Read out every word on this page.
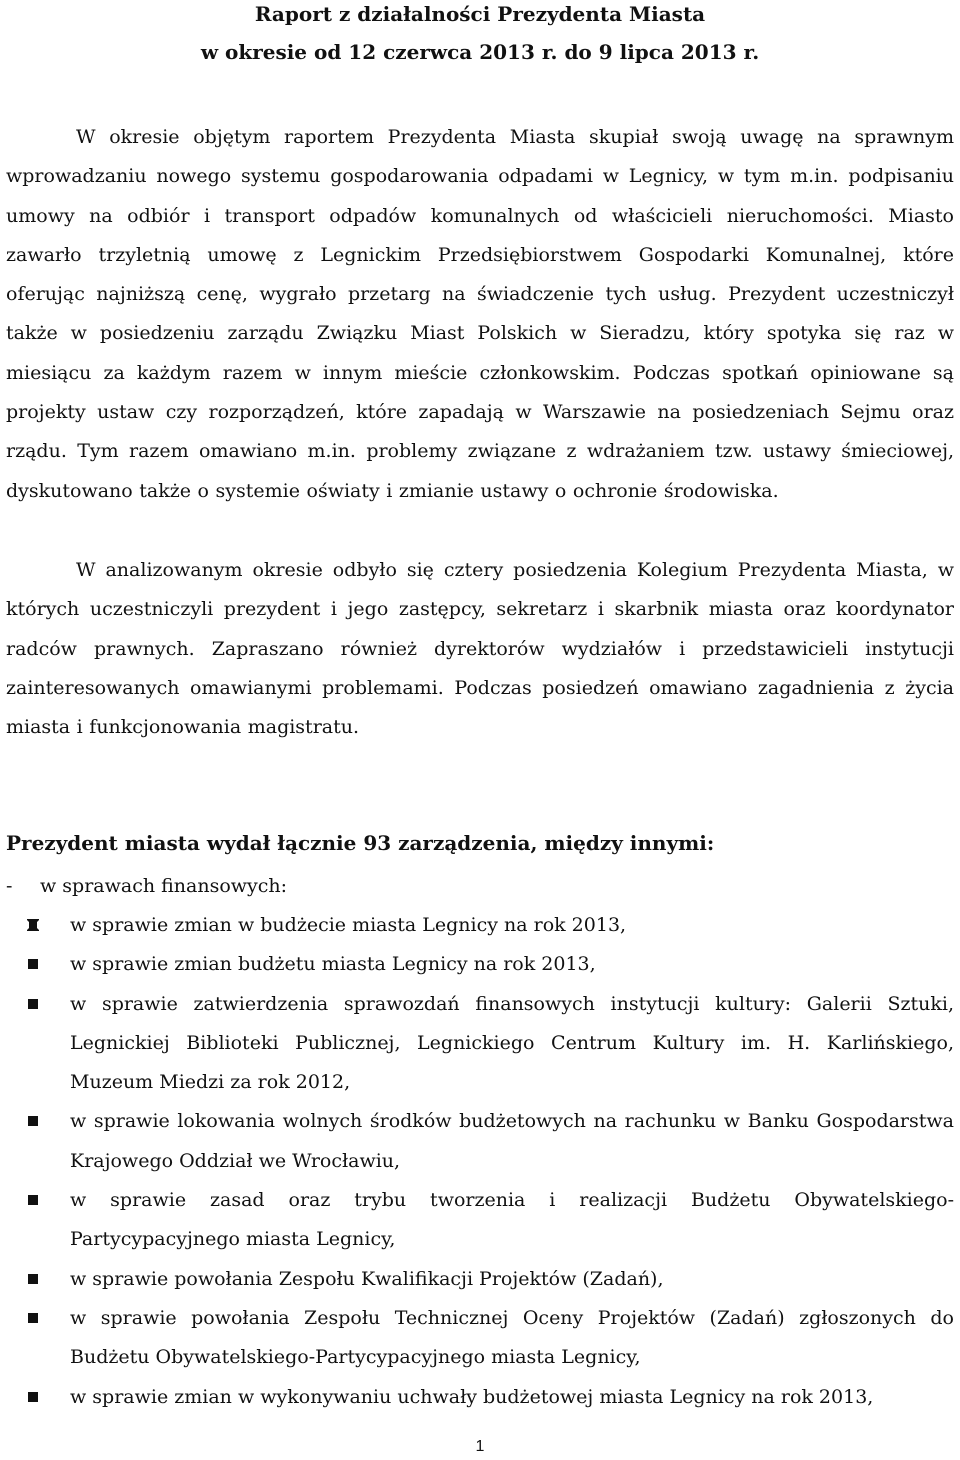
Raport z działalności Prezydenta Miasta
w okresie od 12 czerwca 2013 r. do 9 lipca 2013 r.

W okresie objętym raportem Prezydenta Miasta skupiał swoją uwagę na sprawnym wprowadzaniu nowego systemu gospodarowania odpadami w Legnicy, w tym m.in. podpisaniu umowy na odbiór i transport odpadów komunalnych od właścicieli nieruchomości. Miasto zawarło trzyletnią umowę z Legnickim Przedsiębiorstwem Gospodarki Komunalnej, które oferując najniższą cenę, wygrało przetarg na świadczenie tych usług. Prezydent uczestniczył także w posiedzeniu zarządu Związku Miast Polskich w Sieradzu, który spotyka się raz w miesiącu za każdym razem w innym mieście członkowskim. Podczas spotkań opiniowane są projekty ustaw czy rozporządzeń, które zapadają w Warszawie na posiedzeniach Sejmu oraz rządu. Tym razem omawiano m.in. problemy związane z wdrażaniem tzw. ustawy śmieciowej, dyskutowano także o systemie oświaty i zmianie ustawy o ochronie środowiska.

W analizowanym okresie odbyło się cztery posiedzenia Kolegium Prezydenta Miasta, w których uczestniczyli prezydent i jego zastępcy, sekretarz i skarbnik miasta oraz koordynator radców prawnych. Zapraszano również dyrektorów wydziałów i przedstawicieli instytucji zainteresowanych omawianymi problemami. Podczas posiedzeń omawiano zagadnienia z życia miasta i funkcjonowania magistratu.

Prezydent miasta wydał łącznie 93 zarządzenia, między innymi:
- w sprawach finansowych:
w sprawie zmian w budżecie miasta Legnicy na rok 2013,
w sprawie zmian budżetu miasta Legnicy na rok 2013,
w sprawie zatwierdzenia sprawozdań finansowych instytucji kultury: Galerii Sztuki, Legnickiej Biblioteki Publicznej, Legnickiego Centrum Kultury im. H. Karlińskiego, Muzeum Miedzi za rok 2012,
w sprawie lokowania wolnych środków budżetowych na rachunku w Banku Gospodarstwa Krajowego Oddział we Wrocławiu,
w sprawie zasad oraz trybu tworzenia i realizacji Budżetu Obywatelskiego-Partycypacyjnego miasta Legnicy,
w sprawie powołania Zespołu Kwalifikacji Projektów (Zadań),
w sprawie powołania Zespołu Technicznej Oceny Projektów (Zadań) zgłoszonych do Budżetu Obywatelskiego-Partycypacyjnego miasta Legnicy,
w sprawie zmian w wykonywaniu uchwały budżetowej miasta Legnicy na rok 2013,
1
